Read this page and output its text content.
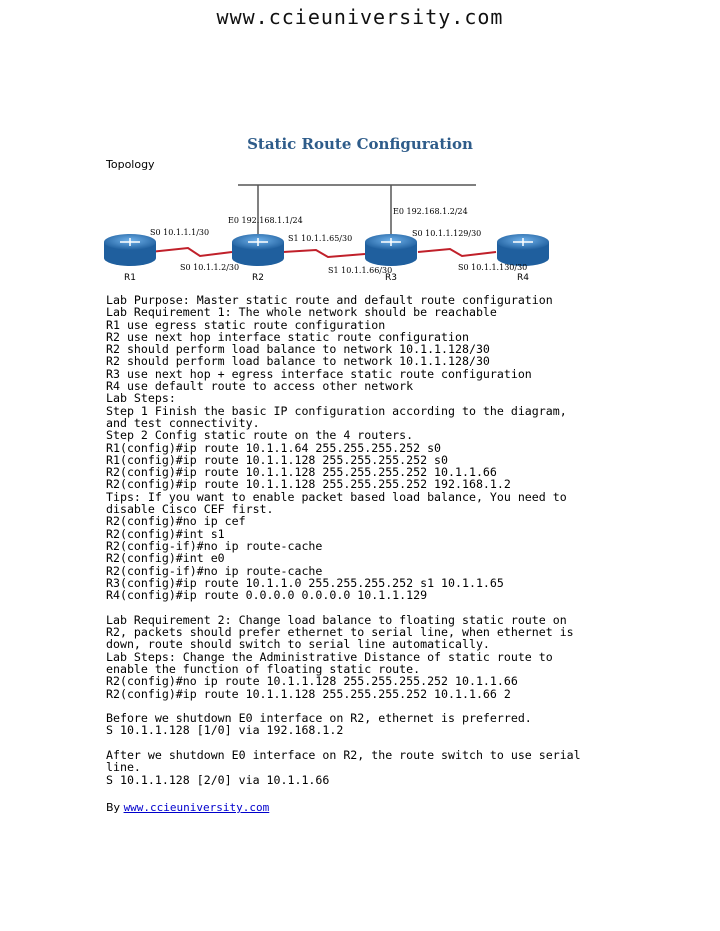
www.ccieuniversity.com
Static Route Configuration
Topology
R1	R2	R3	R4
E0 192.168.1.1/24
E0 192.168.1.2/24
S0 10.1.1.1/30
S0 10.1.1.2/30
S1 10.1.1.65/30
S1 10.1.1.66/30
S0 10.1.1.129/30
S0 10.1.1.130/30
Lab Purpose: Master static route and default route configuration
Lab Requirement 1: The whole network should be reachable
R1 use egress static route configuration
R2 use next hop interface static route configuration
R2 should perform load balance to network 10.1.1.128/30
R2 should perform load balance to network 10.1.1.128/30
R3 use next hop + egress interface static route configuration
R4 use default route to access other network
Lab Steps:
Step 1 Finish the basic IP configuration according to the diagram,
and test connectivity.
Step 2 Config static route on the 4 routers.
R1(config)#ip route 10.1.1.64 255.255.255.252 s0
R1(config)#ip route 10.1.1.128 255.255.255.252 s0
R2(config)#ip route 10.1.1.128 255.255.255.252 10.1.1.66
R2(config)#ip route 10.1.1.128 255.255.255.252 192.168.1.2
Tips: If you want to enable packet based load balance, You need to
disable Cisco CEF first.
R2(config)#no ip cef
R2(config)#int s1
R2(config-if)#no ip route-cache
R2(config)#int e0
R2(config-if)#no ip route-cache
R3(config)#ip route 10.1.1.0 255.255.255.252 s1 10.1.1.65
R4(config)#ip route 0.0.0.0 0.0.0.0 10.1.1.129
Lab Requirement 2: Change load balance to floating static route on
R2, packets should prefer ethernet to serial line, when ethernet is
down, route should switch to serial line automatically.
Lab Steps: Change the Administrative Distance of static route to
enable the function of floating static route.
R2(config)#no ip route 10.1.1.128 255.255.255.252 10.1.1.66
R2(config)#ip route 10.1.1.128 255.255.255.252 10.1.1.66 2
Before we shutdown E0 interface on R2, ethernet is preferred.
S 10.1.1.128 [1/0] via 192.168.1.2
After we shutdown E0 interface on R2, the route switch to use serial
line.
S 10.1.1.128 [2/0] via 10.1.1.66
By www.ccieuniversity.com
